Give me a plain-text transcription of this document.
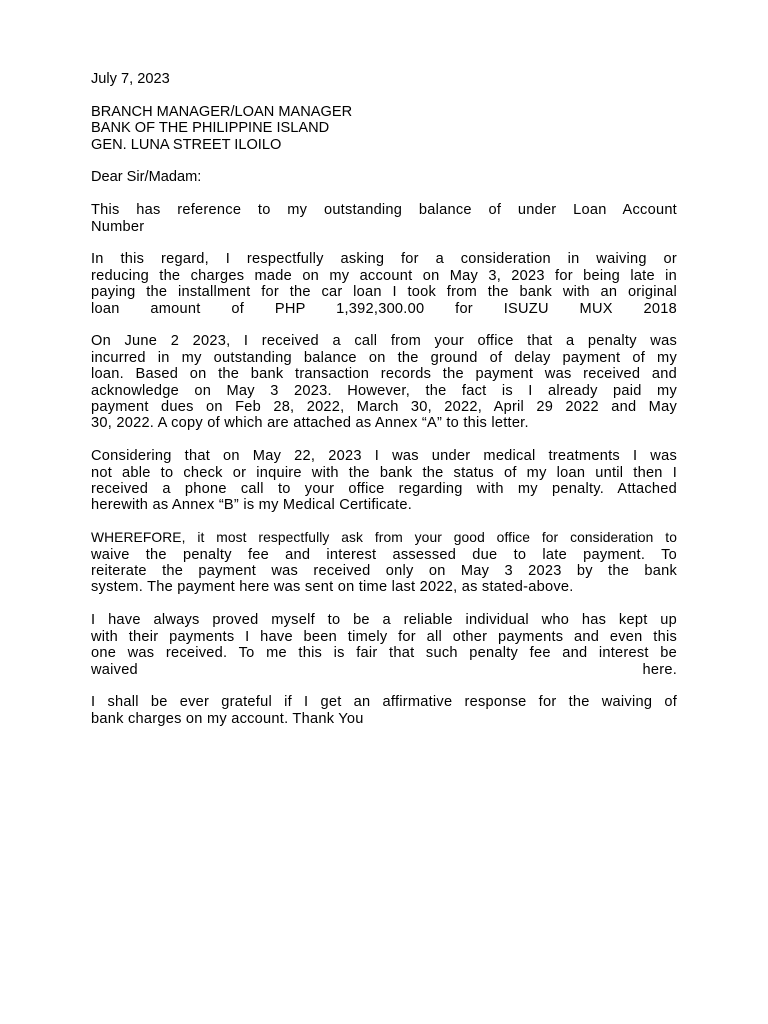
July 7, 2023
BRANCH MANAGER/LOAN MANAGER
BANK OF THE PHILIPPINE ISLAND
GEN. LUNA STREET ILOILO
Dear Sir/Madam:
This has reference to my outstanding balance of under Loan Account
Number
In this regard, I respectfully asking for a consideration in waiving or
reducing the charges made on my account on May 3, 2023 for being late in
paying the installment for the car loan I took from the bank with an original
loan amount of PHP 1,392,300.00 for ISUZU MUX 2018
On June 2 2023, I received a call from your office that a penalty was
incurred in my outstanding balance on the ground of delay payment of my
loan. Based on the bank transaction records the payment was received and
acknowledge on May 3 2023. However, the fact is I already paid my
payment dues on Feb 28, 2022, March 30, 2022, April 29 2022 and May
30, 2022. A copy of which are attached as Annex “A” to this letter.
Considering that on May 22, 2023 I was under medical treatments I was
not able to check or inquire with the bank the status of my loan until then I
received a phone call to your office regarding with my penalty. Attached
herewith as Annex “B” is my Medical Certificate.
WHEREFORE, it most respectfully ask from your good office for consideration to
waive the penalty fee and interest assessed due to late payment. To
reiterate the payment was received only on May 3 2023 by the bank
system. The payment here was sent on time last 2022, as stated-above.
I have always proved myself to be a reliable individual who has kept up
with their payments I have been timely for all other payments and even this
one was received. To me this is fair that such penalty fee and interest be
waived here.
I shall be ever grateful if I get an affirmative response for the waiving of
bank charges on my account. Thank You
